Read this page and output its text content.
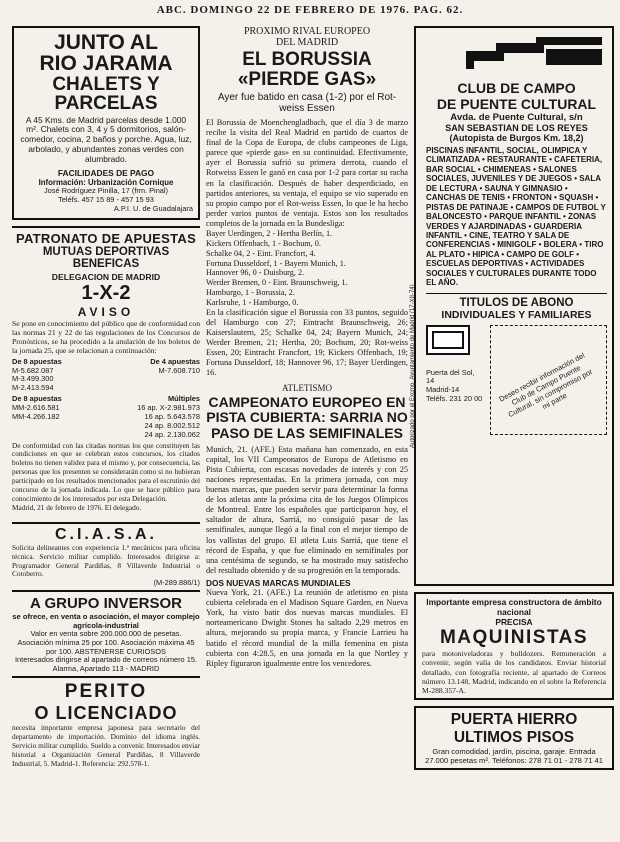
ABC. DOMINGO 22 DE FEBRERO DE 1976. PAG. 62.
JUNTO AL
RIO JARAMA
CHALETS Y
PARCELAS
A 45 Kms. de Madrid parcelas desde 1.000 m². Chalets con 3, 4 y 5 dormitorios, salón-comedor, cocina, 2 baños y porche. Agua, luz, arbolado, y abundantes zonas verdes con alumbrado.
FACILIDADES DE PAGO
Información: Urbanización Cornique
José Rodríguez Pinilla, 17 (frm. Pinal)
Teléfs. 457 15 89 - 457 15 93
A.P.I. U. de Guadalajara
PATRONATO DE APUESTAS
MUTUAS DEPORTIVAS BENEFICAS
DELEGACION DE MADRID
1-X-2
AVISO
Se pone en conocimiento del público que de conformidad con las normas 21 y 22 de las regulaciones de los Concursos de Pronósticos, se ha procedido a la anulación de los boletos de la jornada 25, que se relacionan a continuación:
De 8 apuestas	De 4 apuestas
M-5.682.087	M-7.608.710
M-3.499.300
M-2.413.594
De 8 apuestas	Múltiples
MM-2.616.581	16 ap. X-2.981.973
MM-4.266.182	16 ap. 5.643.578
24 ap. 8.002.512
24 ap. 2.130.062
De conformidad con las citadas normas los que constituyen las condiciones en que se celebran estos concursos, los citados boletos no tienen validez para el mismo y, por consecuencia, las personas que los presenten se considerarán como si no hubieran participado en los resultados mencionados para el escrutinio del concurso de la jornada indicada. Lo que se hace público para conocimiento de los interesados por esta Delegación.
Madrid, 21 de febrero de 1976. El delegado.
C.I.A.S.A.
Solicita delineantes con experiencia 1.ª mecánicos para oficina técnica. Servicio militar cumplido. Interesados dirigirse a: Programador General Pardiñas, 8 Villaverde Industrial o Cotoberro.
(M-289.886/1)
A GRUPO INVERSOR
se ofrece, en venta o asociación, el mayor complejo agrícola-industrial
Valor en venta sobre 200.000.000 de pesetas. Asociación mínima 25 por 100. Asociación máxima 45 por 100. ABSTENERSE CURIOSOS
Interesados dirigirse al apartado de correos número 15. Alarma, Apartado 113 - MADRID
PERITO
O LICENCIADO
necesita importante empresa japonesa para secretario del departamento de importación. Dominio del idioma inglés. Servicio militar cumplido. Sueldo a convenir. Interesados enviar historial a Organización General Pardiñas, 8 Villaverde Industrial, 5. Madrid-1. Referencia: 292.578-1.
PROXIMO RIVAL EUROPEO
DEL MADRID
EL BORUSSIA «PIERDE GAS»
Ayer fue batido en casa (1-2) por el Rot-weiss Essen
El Borussia de Moenchengladbach, que el día 3 de marzo recibe la visita del Real Madrid en partido de cuartos de final de la Copa de Europa, de clubs campeones de Liga, parece que «pierde gas» en su continuidad. Efectivamente, ayer el Borussia sufrió su primera derrota, cuando el Rotweiss Essen le ganó en casa por 1-2 para cortar su racha en la clasificación. Después de haber desperdiciado, en partidos anteriores, su ventaja, el equipo se vio superado en su propio campo por el Rot-weiss Essen, lo que le ha hecho perder varios puntos de ventaja. Estos son los resultados completos de la jornada en la Bundesliga:
Bayer Uerdingen, 2 - Hertha Berlín, 1.
Kickers Offenbach, 1 - Bochum, 0.
Schalke 04, 2 - Eint. Francfort, 4.
Fortuna Dusseldorf, 1 - Bayern Munich, 1.
Hannover 96, 0 - Duisburg, 2.
Werder Bremen, 0 - Eint. Braunschweig, 1.
Hamburgo, 1 - Borussia, 2.
Karlsruhe, 1 - Hamburgo, 0.
En la clasificación sigue el Borussia con 33 puntos, seguido del Hamburgo con 27; Eintracht Braunschweig, 26; Kaiserslautern, 25; Schalke 04, 24; Bayern Munich, 24; Werder Bremen, 21; Hertha, 20; Bochum, 20; Rot-weiss Essen, 20; Eintracht Francfort, 19; Kickers Offenbach, 19; Fortuna Dusseldorf, 18; Hannover 96, 17; Bayer Uerdingen, 16.
ATLETISMO
CAMPEONATO EUROPEO EN PISTA CUBIERTA: SARRIA NO PASO DE LAS SEMIFINALES
Munich, 21. (AFE.) Esta mañana han comenzado, en esta capital, los VII Campeonatos de Europa de Atletismo en Pista Cubierta, con escasas novedades de interés y con 25 naciones representadas. En la primera jornada, con muy buenas marcas, que pueden servir para determinar la forma de los atletas ante la próxima cita de los Juegos Olímpicos de Montreal. Entre los españoles que participaron hoy, el saltador de altura, Sarriá, no consiguió pasar de las semifinales, aunque llegó a la final con el mejor tiempo de los vallistas del grupo. El atleta Luis Sarriá, que tiene el récord de España, y que fue eliminado en semifinales por una centésima de segundo, se ha mostrado muy satisfecho del resultado obtenido y de su progresión en la temporada.
DOS NUEVAS MARCAS MUNDIALES
Nueva York, 21. (AFE.) La reunión de atletismo en pista cubierta celebrada en el Madison Square Garden, en Nueva York, ha visto batir dos nuevas marcas mundiales. El norteamericano Dwight Stones ha saltado 2,29 metros en altura, mejorando su propia marca, y Francie Larrieu ha batido el récord mundial de la milla femenina en pista cubierta con 4:28.5, en una jornada en la que Nortley y Ripley figuraron igualmente entre los vencedores.
Autorizado por el Excmo. Ayuntamiento de Madrid (17-XII-74)
CLUB DE CAMPO
DE PUENTE CULTURAL
Avda. de Puente Cultural, s/n
SAN SEBASTIAN DE LOS REYES
(Autopista de Burgos Km. 18,2)
PISCINAS INFANTIL, SOCIAL, OLIMPICA Y CLIMATIZADA • RESTAURANTE • CAFETERIA, BAR SOCIAL • CHIMENEAS • SALONES SOCIALES, JUVENILES Y DE JUEGOS • SALA DE LECTURA • SAUNA Y GIMNASIO • CANCHAS DE TENIS • FRONTON • SQUASH • PISTAS DE PATINAJE • CAMPOS DE FUTBOL Y BALONCESTO • PARQUE INFANTIL • ZONAS VERDES Y AJARDINADAS • GUARDERIA INFANTIL • CINE, TEATRO Y SALA DE CONFERENCIAS • MINIGOLF • BOLERA • TIRO AL PLATO • HIPICA • CAMPO DE GOLF • ESCUELAS DEPORTIVAS • ACTIVIDADES SOCIALES Y CULTURALES DURANTE TODO EL AÑO.
TITULOS DE ABONO
INDIVIDUALES Y FAMILIARES
Puerta del Sol, 14
Madrid-14
Teléfs. 231 20 00	Deseo recibir información del Club de Campo Puente Cultural, sin compromiso por mi parte
Importante empresa constructora de ámbito nacional
PRECISA
MAQUINISTAS
para motoniveladoras y bulldozers. Remuneración a convenir, según valía de los candidatos. Enviar historial detallado, con fotografía reciente, al apartado de Correos número 13.148, Madrid, indicando en el sobre la Referencia M-288.357-A.
PUERTA HIERRO
ULTIMOS PISOS
Gran comodidad, jardín, piscina, garaje. Entrada 27.000 pesetas m². Teléfonos: 278 71 01 - 278 71 41
